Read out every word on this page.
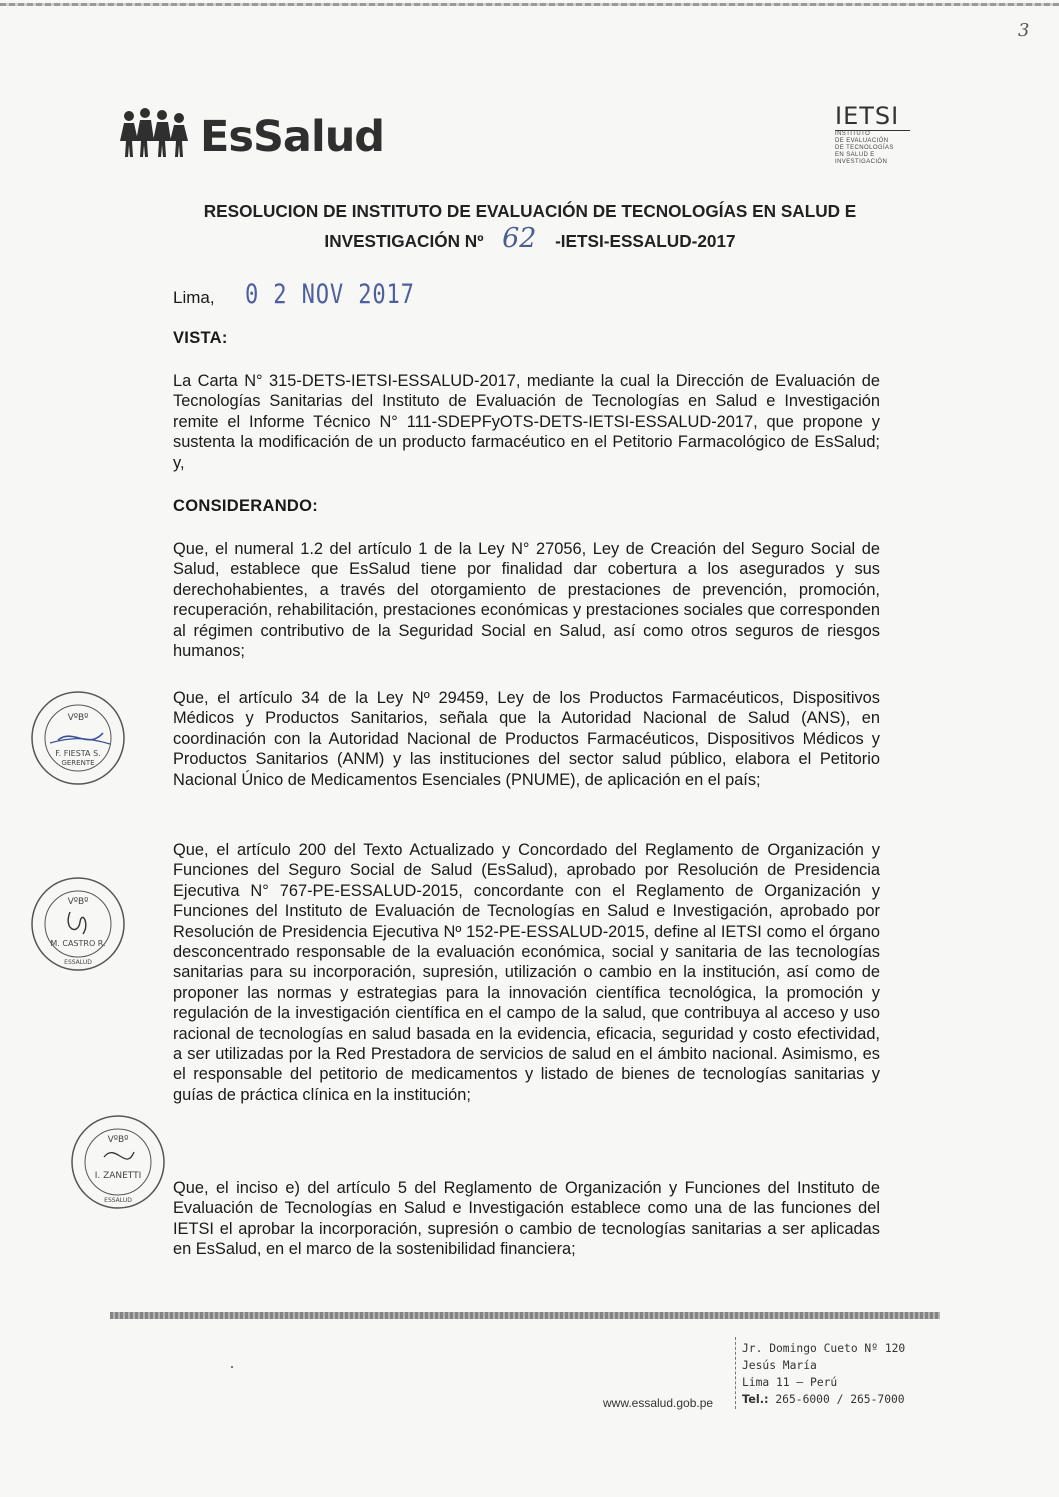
3
EsSalud	IETSI
INSTITUTO
DE EVALUACIÓN
DE TECNOLOGÍAS
EN SALUD E
INVESTIGACIÓN
RESOLUCION DE INSTITUTO DE EVALUACIÓN DE TECNOLOGÍAS EN SALUD E
INVESTIGACIÓN Nº 62 -IETSI-ESSALUD-2017
Lima, 0 2 NOV 2017
VISTA:

La Carta N° 315-DETS-IETSI-ESSALUD-2017, mediante la cual la Dirección de Evaluación de Tecnologías Sanitarias del Instituto de Evaluación de Tecnologías en Salud e Investigación remite el Informe Técnico N° 111-SDEPFyOTS-DETS-IETSI-ESSALUD-2017, que propone y sustenta la modificación de un producto farmacéutico en el Petitorio Farmacológico de EsSalud; y,

CONSIDERANDO:

Que, el numeral 1.2 del artículo 1 de la Ley N° 27056, Ley de Creación del Seguro Social de Salud, establece que EsSalud tiene por finalidad dar cobertura a los asegurados y sus derechohabientes, a través del otorgamiento de prestaciones de prevención, promoción, recuperación, rehabilitación, prestaciones económicas y prestaciones sociales que corresponden al régimen contributivo de la Seguridad Social en Salud, así como otros seguros de riesgos humanos;

Que, el artículo 34 de la Ley Nº 29459, Ley de los Productos Farmacéuticos, Dispositivos Médicos y Productos Sanitarios, señala que la Autoridad Nacional de Salud (ANS), en coordinación con la Autoridad Nacional de Productos Farmacéuticos, Dispositivos Médicos y Productos Sanitarios (ANM) y las instituciones del sector salud público, elabora el Petitorio Nacional Único de Medicamentos Esenciales (PNUME), de aplicación en el país;

Que, el artículo 200 del Texto Actualizado y Concordado del Reglamento de Organización y Funciones del Seguro Social de Salud (EsSalud), aprobado por Resolución de Presidencia Ejecutiva N° 767-PE-ESSALUD-2015, concordante con el Reglamento de Organización y Funciones del Instituto de Evaluación de Tecnologías en Salud e Investigación, aprobado por Resolución de Presidencia Ejecutiva Nº 152-PE-ESSALUD-2015, define al IETSI como el órgano desconcentrado responsable de la evaluación económica, social y sanitaria de las tecnologías sanitarias para su incorporación, supresión, utilización o cambio en la institución, así como de proponer las normas y estrategias para la innovación científica tecnológica, la promoción y regulación de la investigación científica en el campo de la salud, que contribuya al acceso y uso racional de tecnologías en salud basada en la evidencia, eficacia, seguridad y costo efectividad, a ser utilizadas por la Red Prestadora de servicios de salud en el ámbito nacional. Asimismo, es el responsable del petitorio de medicamentos y listado de bienes de tecnologías sanitarias y guías de práctica clínica en la institución;

Que, el inciso e) del artículo 5 del Reglamento de Organización y Funciones del Instituto de Evaluación de Tecnologías en Salud e Investigación establece como una de las funciones del IETSI el aprobar la incorporación, supresión o cambio de tecnologías sanitarias a ser aplicadas en EsSalud, en el marco de la sostenibilidad financiera;

VºBº
F. FIESTA S.
GERENTE
VºBº
M. CASTRO R.
ESSALUD
VºBº
I. ZANETTI
ESSALUD
www.essalud.gob.pe
Jr. Domingo Cueto Nº 120
Jesús María
Lima 11 – Perú
Tel.: 265-6000 / 265-7000
